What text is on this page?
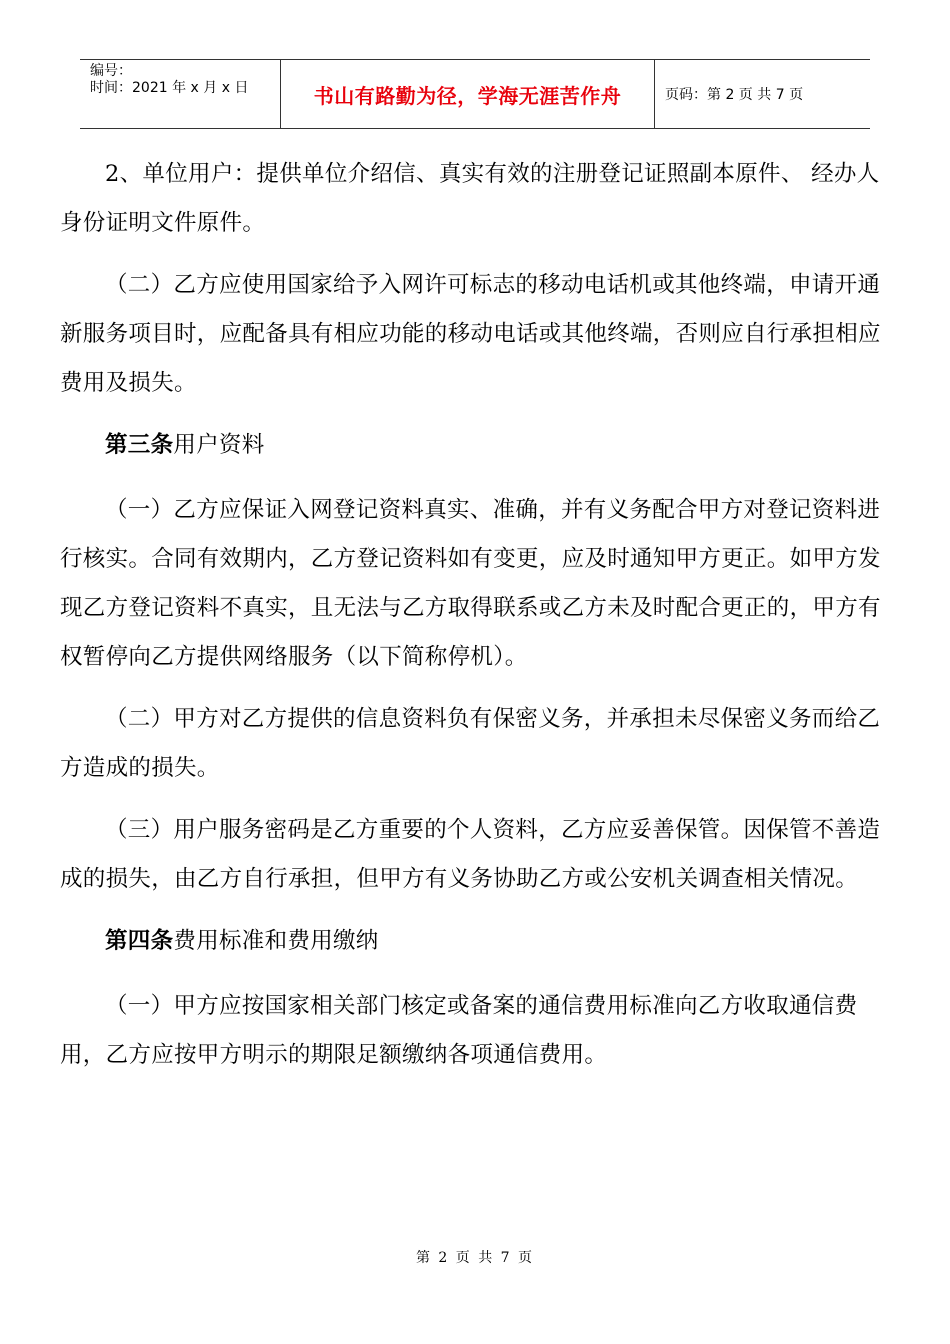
编号：
时间：2021 年 x 月 x 日	书山有路勤为径，学海无涯苦作舟	页码：第 2 页 共 7 页

2、单位用户：提供单位介绍信、真实有效的注册登记证照副本原件、 经办人身份证明文件原件。

（二）乙方应使用国家给予入网许可标志的移动电话机或其他终端，申请开通新服务项目时，应配备具有相应功能的移动电话或其他终端，否则应自行承担相应费用及损失。

第三条用户资料

（一）乙方应保证入网登记资料真实、准确，并有义务配合甲方对登记资料进行核实。合同有效期内，乙方登记资料如有变更，应及时通知甲方更正。如甲方发现乙方登记资料不真实，且无法与乙方取得联系或乙方未及时配合更正的，甲方有权暂停向乙方提供网络服务（以下简称停机）。

（二）甲方对乙方提供的信息资料负有保密义务，并承担未尽保密义务而给乙方造成的损失。

（三）用户服务密码是乙方重要的个人资料，乙方应妥善保管。因保管不善造成的损失，由乙方自行承担，但甲方有义务协助乙方或公安机关调查相关情况。

第四条费用标准和费用缴纳

（一）甲方应按国家相关部门核定或备案的通信费用标准向乙方收取通信费用，乙方应按甲方明示的期限足额缴纳各项通信费用。

第 2 页 共 7 页
